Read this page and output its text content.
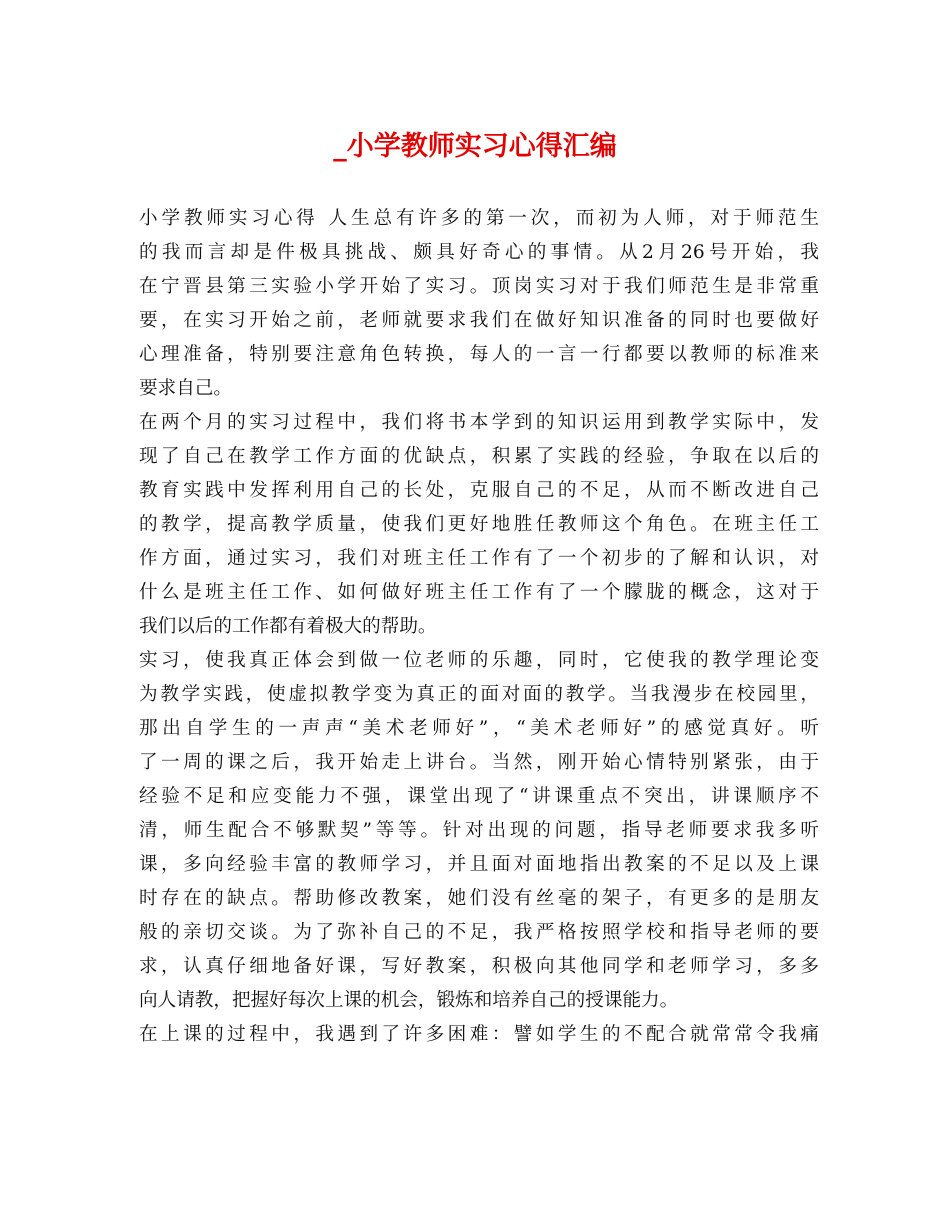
_小学教师实习心得汇编
小学教师实习心得 人生总有许多的第一次，而初为人师，对于师范生
的我而言却是件极具挑战、颇具好奇心的事情。从2月26号开始，我
在宁晋县第三实验小学开始了实习。顶岗实习对于我们师范生是非常重
要，在实习开始之前，老师就要求我们在做好知识准备的同时也要做好
心理准备，特别要注意角色转换，每人的一言一行都要以教师的标准来
要求自己。
在两个月的实习过程中，我们将书本学到的知识运用到教学实际中，发
现了自己在教学工作方面的优缺点，积累了实践的经验，争取在以后的
教育实践中发挥利用自己的长处，克服自己的不足，从而不断改进自己
的教学，提高教学质量，使我们更好地胜任教师这个角色。在班主任工
作方面，通过实习，我们对班主任工作有了一个初步的了解和认识，对
什么是班主任工作、如何做好班主任工作有了一个朦胧的概念，这对于
我们以后的工作都有着极大的帮助。
实习，使我真正体会到做一位老师的乐趣，同时，它使我的教学理论变
为教学实践，使虚拟教学变为真正的面对面的教学。当我漫步在校园里，
那出自学生的一声声“美术老师好”，“美术老师好”的感觉真好。听
了一周的课之后，我开始走上讲台。当然，刚开始心情特别紧张，由于
经验不足和应变能力不强，课堂出现了“讲课重点不突出，讲课顺序不
清，师生配合不够默契”等等。针对出现的问题，指导老师要求我多听
课，多向经验丰富的教师学习，并且面对面地指出教案的不足以及上课
时存在的缺点。帮助修改教案，她们没有丝毫的架子，有更多的是朋友
般的亲切交谈。为了弥补自己的不足，我严格按照学校和指导老师的要
求，认真仔细地备好课，写好教案，积极向其他同学和老师学习，多多
向人请教，把握好每次上课的机会，锻炼和培养自己的授课能力。
在上课的过程中，我遇到了许多困难：譬如学生的不配合就常常令我痛
